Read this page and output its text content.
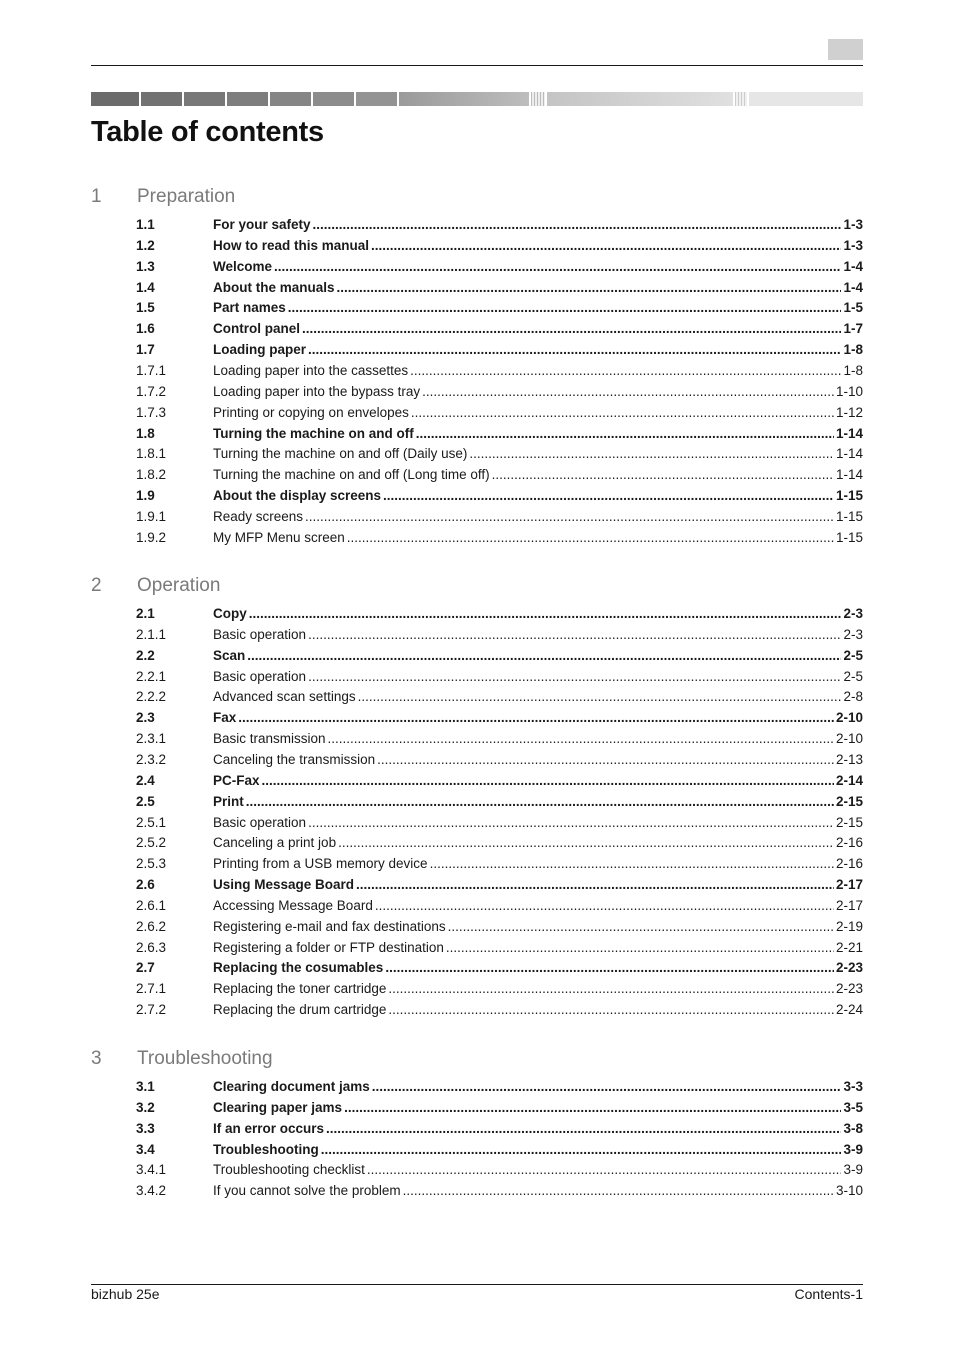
Table of contents
1 Preparation
1.1	For your safety .....	1-3
1.2	How to read this manual .....	1-3
1.3	Welcome .....	1-4
1.4	About the manuals .....	1-4
1.5	Part names .....	1-5
1.6	Control panel .....	1-7
1.7	Loading paper .....	1-8
1.7.1	Loading paper into the cassettes .....	1-8
1.7.2	Loading paper into the bypass tray .....	1-10
1.7.3	Printing or copying on envelopes .....	1-12
1.8	Turning the machine on and off .....	1-14
1.8.1	Turning the machine on and off (Daily use) .....	1-14
1.8.2	Turning the machine on and off (Long time off) .....	1-14
1.9	About the display screens .....	1-15
1.9.1	Ready screens .....	1-15
1.9.2	My MFP Menu screen .....	1-15
2 Operation
2.1	Copy .....	2-3
2.1.1	Basic operation .....	2-3
2.2	Scan .....	2-5
2.2.1	Basic operation .....	2-5
2.2.2	Advanced scan settings .....	2-8
2.3	Fax .....	2-10
2.3.1	Basic transmission .....	2-10
2.3.2	Canceling the transmission .....	2-13
2.4	PC-Fax .....	2-14
2.5	Print .....	2-15
2.5.1	Basic operation .....	2-15
2.5.2	Canceling a print job .....	2-16
2.5.3	Printing from a USB memory device .....	2-16
2.6	Using Message Board .....	2-17
2.6.1	Accessing Message Board .....	2-17
2.6.2	Registering e-mail and fax destinations .....	2-19
2.6.3	Registering a folder or FTP destination .....	2-21
2.7	Replacing the cosumables .....	2-23
2.7.1	Replacing the toner cartridge .....	2-23
2.7.2	Replacing the drum cartridge .....	2-24
3 Troubleshooting
3.1	Clearing document jams .....	3-3
3.2	Clearing paper jams .....	3-5
3.3	If an error occurs .....	3-8
3.4	Troubleshooting .....	3-9
3.4.1	Troubleshooting checklist .....	3-9
3.4.2	If you cannot solve the problem .....	3-10
bizhub 25e	Contents-1
